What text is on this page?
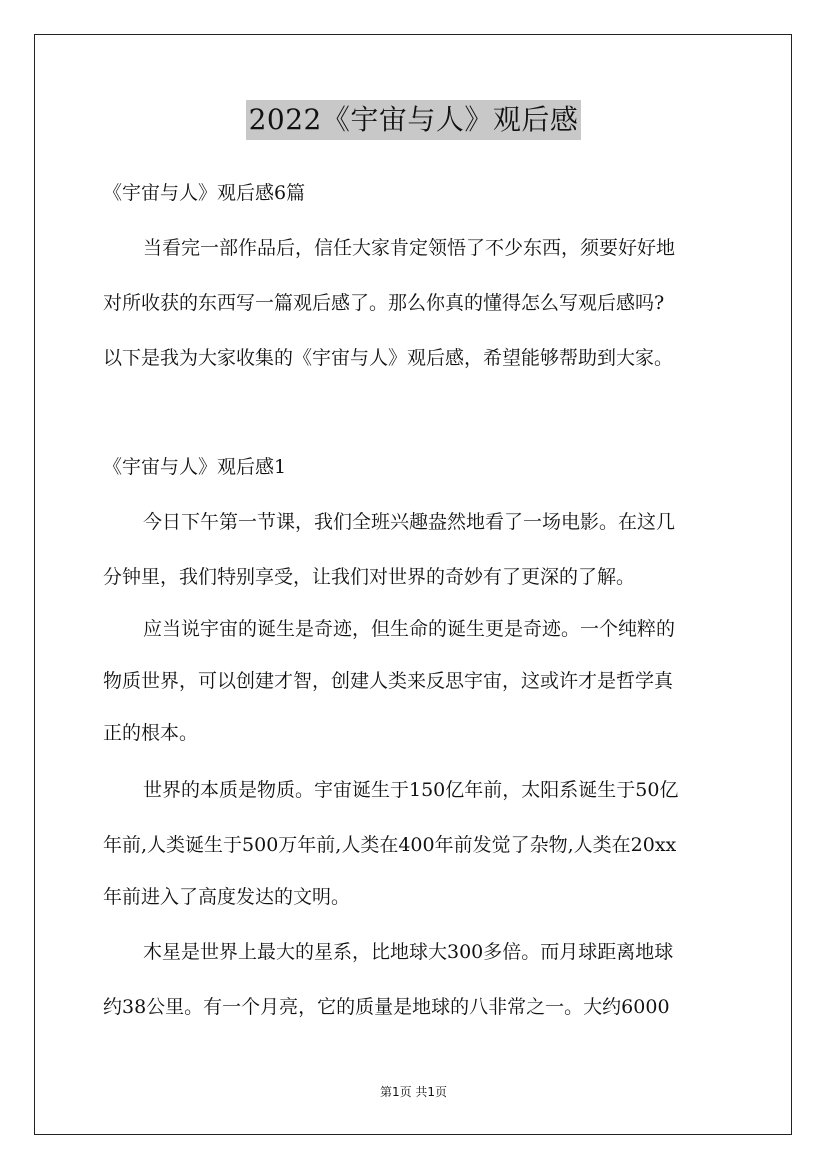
2022《宇宙与人》观后感
《宇宙与人》观后感6篇
当看完一部作品后，信任大家肯定领悟了不少东西，须要好好地
对所收获的东西写一篇观后感了。那么你真的懂得怎么写观后感吗?
以下是我为大家收集的《宇宙与人》观后感，希望能够帮助到大家。
《宇宙与人》观后感1
今日下午第一节课，我们全班兴趣盎然地看了一场电影。在这几
分钟里，我们特别享受，让我们对世界的奇妙有了更深的了解。
应当说宇宙的诞生是奇迹，但生命的诞生更是奇迹。一个纯粹的
物质世界，可以创建才智，创建人类来反思宇宙，这或许才是哲学真
正的根本。
世界的本质是物质。宇宙诞生于150亿年前，太阳系诞生于50亿
年前,人类诞生于500万年前,人类在400年前发觉了杂物,人类在20xx
年前进入了高度发达的文明。
木星是世界上最大的星系，比地球大300多倍。而月球距离地球
约38公里。有一个月亮，它的质量是地球的八非常之一。大约6000
第1页 共1页
